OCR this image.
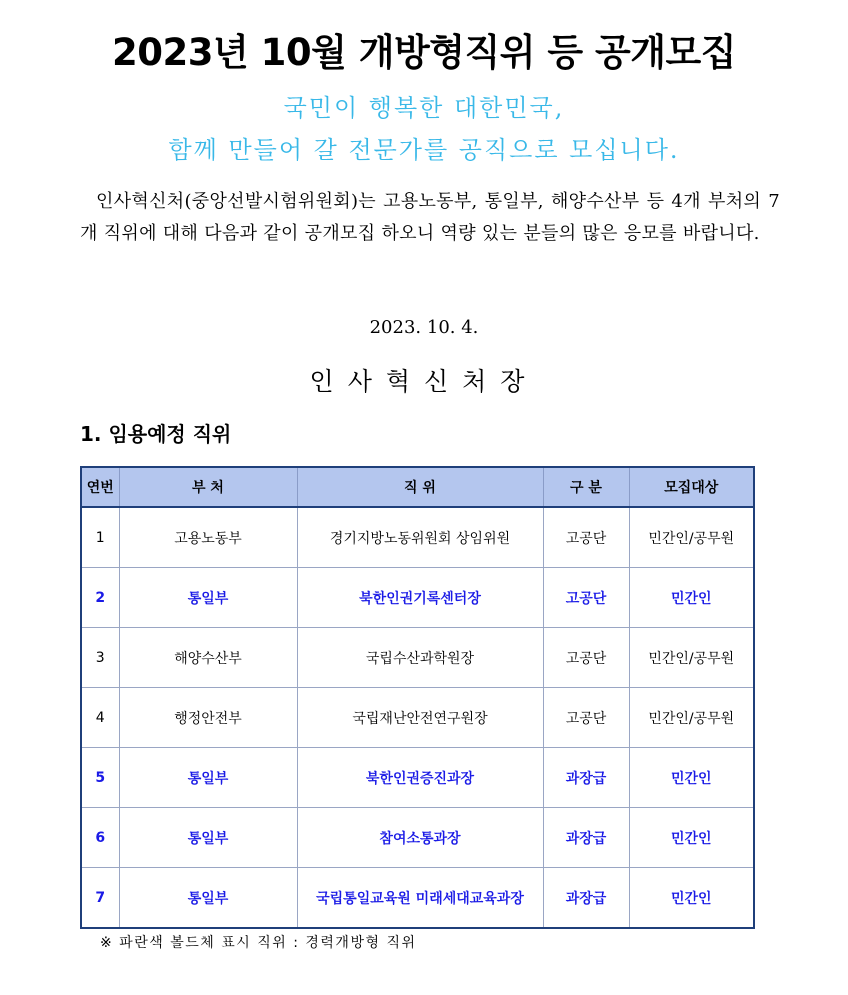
2023년 10월 개방형직위 등 공개모집
국민이 행복한 대한민국,
함께 만들어 갈 전문가를 공직으로 모십니다.

인사혁신처(중앙선발시험위원회)는 고용노동부, 통일부, 해양수산부 등 4개 부처의 7개 직위에 대해 다음과 같이 공개모집 하오니 역량 있는 분들의 많은 응모를 바랍니다.

2023. 10. 4.
인사혁신처장
1. 임용예정 직위
연번	부 처	직 위	구 분	모집대상
1	고용노동부	경기지방노동위원회 상임위원	고공단	민간인/공무원
2	통일부	북한인권기록센터장	고공단	민간인
3	해양수산부	국립수산과학원장	고공단	민간인/공무원
4	행정안전부	국립재난안전연구원장	고공단	민간인/공무원
5	통일부	북한인권증진과장	과장급	민간인
6	통일부	참여소통과장	과장급	민간인
7	통일부	국립통일교육원 미래세대교육과장	과장급	민간인
※ 파란색 볼드체 표시 직위 : 경력개방형 직위
